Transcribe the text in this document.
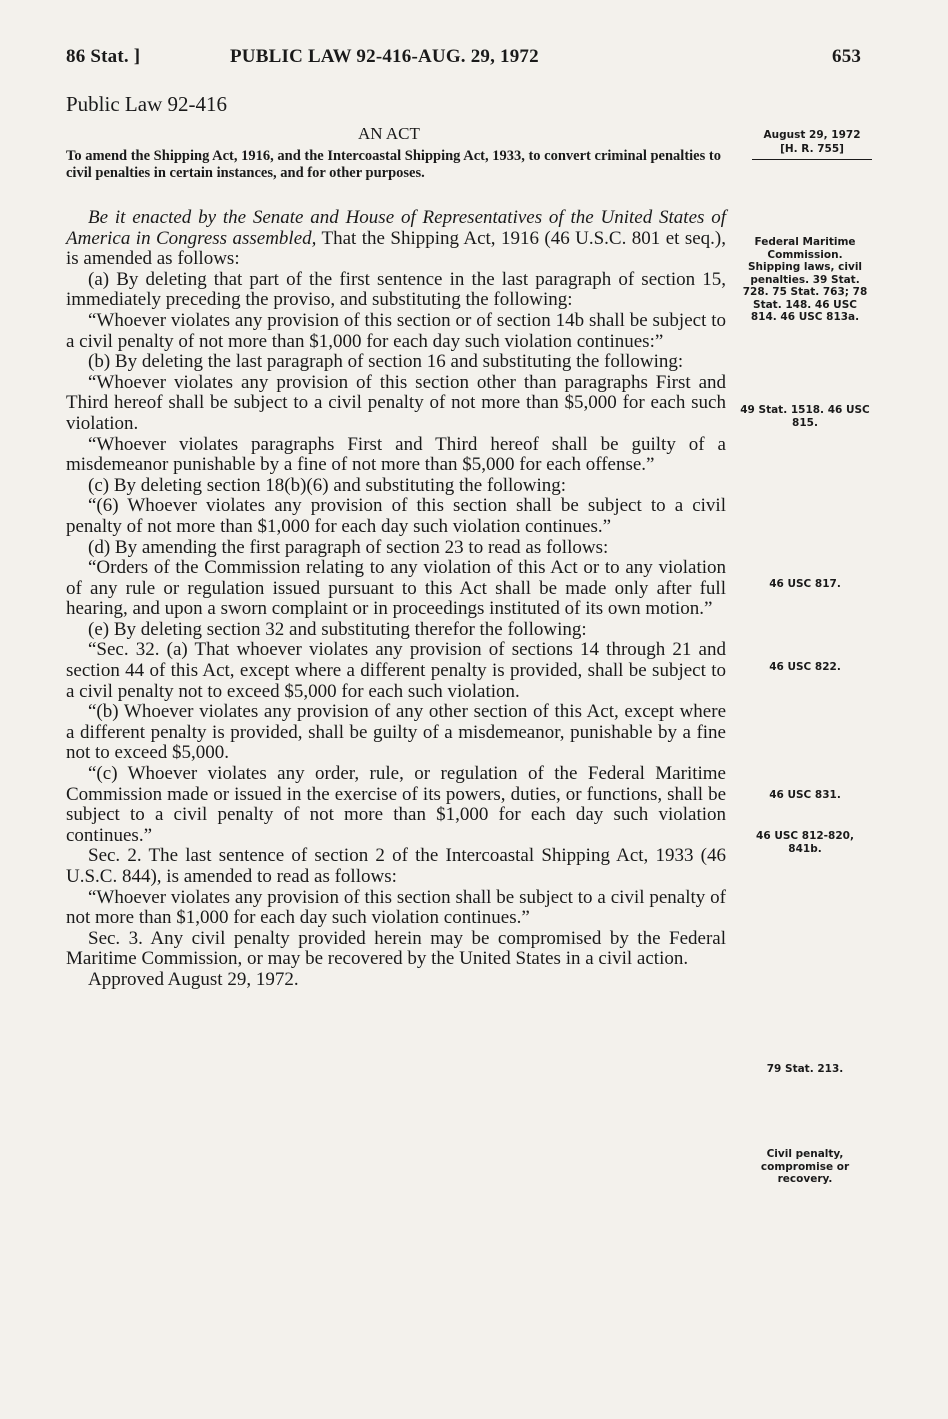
86 Stat. ]	PUBLIC LAW 92-416-AUG. 29, 1972	653
Public Law 92-416
AN ACT
To amend the Shipping Act, 1916, and the Intercoastal Shipping Act, 1933, to convert criminal penalties to civil penalties in certain instances, and for other purposes.
August 29, 1972
[H. R. 755]

Be it enacted by the Senate and House of Representatives of the United States of America in Congress assembled, That the Shipping Act, 1916 (46 U.S.C. 801 et seq.), is amended as follows:

(a) By deleting that part of the first sentence in the last paragraph of section 15, immediately preceding the proviso, and substituting the following:

“Whoever violates any provision of this section or of section 14b shall be subject to a civil penalty of not more than $1,000 for each day such violation continues:”

(b) By deleting the last paragraph of section 16 and substituting the following:

“Whoever violates any provision of this section other than paragraphs First and Third hereof shall be subject to a civil penalty of not more than $5,000 for each such violation.

“Whoever violates paragraphs First and Third hereof shall be guilty of a misdemeanor punishable by a fine of not more than $5,000 for each offense.”

(c) By deleting section 18(b)(6) and substituting the following:

“(6) Whoever violates any provision of this section shall be subject to a civil penalty of not more than $1,000 for each day such violation continues.”

(d) By amending the first paragraph of section 23 to read as follows:

“Orders of the Commission relating to any violation of this Act or to any violation of any rule or regulation issued pursuant to this Act shall be made only after full hearing, and upon a sworn complaint or in proceedings instituted of its own motion.”

(e) By deleting section 32 and substituting therefor the following:

“Sec. 32. (a) That whoever violates any provision of sections 14 through 21 and section 44 of this Act, except where a different penalty is provided, shall be subject to a civil penalty not to exceed $5,000 for each such violation.

“(b) Whoever violates any provision of any other section of this Act, except where a different penalty is provided, shall be guilty of a misdemeanor, punishable by a fine not to exceed $5,000.

“(c) Whoever violates any order, rule, or regulation of the Federal Maritime Commission made or issued in the exercise of its powers, duties, or functions, shall be subject to a civil penalty of not more than $1,000 for each day such violation continues.”

Sec. 2. The last sentence of section 2 of the Intercoastal Shipping Act, 1933 (46 U.S.C. 844), is amended to read as follows:

“Whoever violates any provision of this section shall be subject to a civil penalty of not more than $1,000 for each day such violation continues.”

Sec. 3. Any civil penalty provided herein may be compromised by the Federal Maritime Commission, or may be recovered by the United States in a civil action.

Approved August 29, 1972.

Federal Maritime Commission. Shipping laws, civil penalties. 39 Stat. 728. 75 Stat. 763; 78 Stat. 148. 46 USC 814. 46 USC 813a.
49 Stat. 1518. 46 USC 815.
46 USC 817.
46 USC 822.
46 USC 831.
46 USC 812-820, 841b.
79 Stat. 213.
Civil penalty, compromise or recovery.
